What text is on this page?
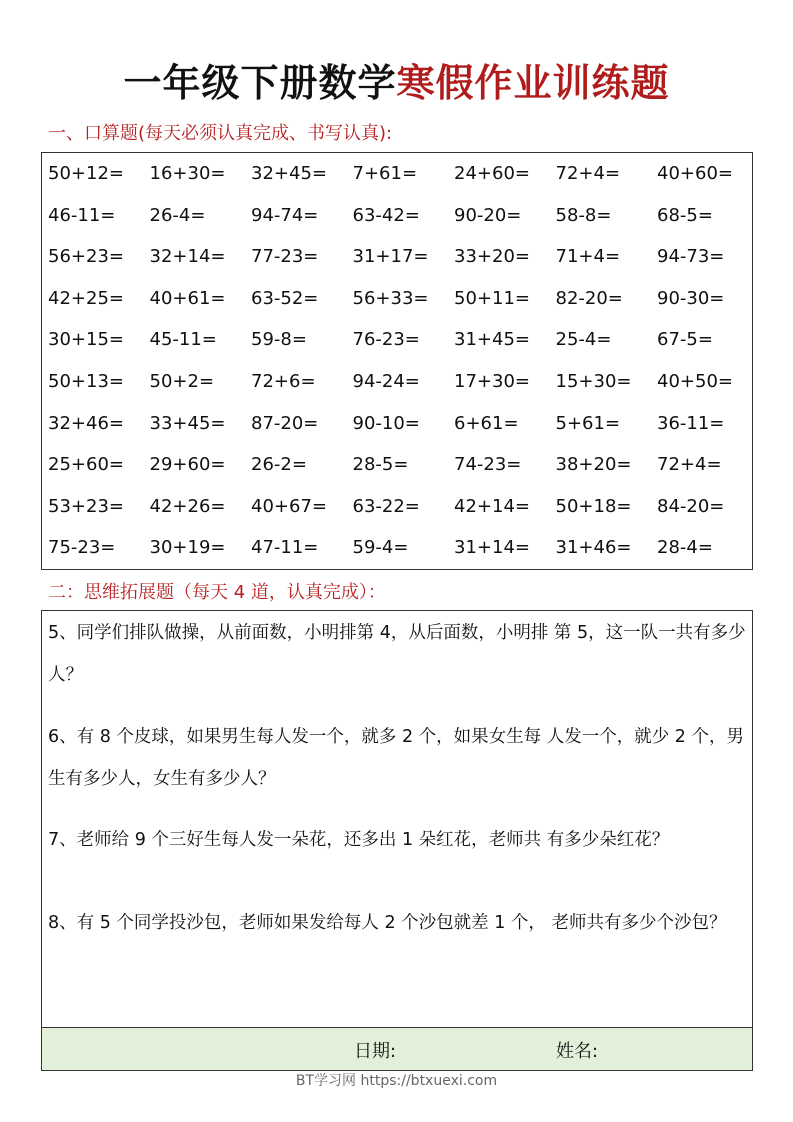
一年级下册数学寒假作业训练题
一、口算题(每天必须认真完成、书写认真):
50+12=	16+30=	32+45=	7+61=	24+60=	72+4=	40+60=
46-11=	26-4=	94-74=	63-42=	90-20=	58-8=	68-5=
56+23=	32+14=	77-23=	31+17=	33+20=	71+4=	94-73=
42+25=	40+61=	63-52=	56+33=	50+11=	82-20=	90-30=
30+15=	45-11=	59-8=	76-23=	31+45=	25-4=	67-5=
50+13=	50+2=	72+6=	94-24=	17+30=	15+30=	40+50=
32+46=	33+45=	87-20=	90-10=	6+61=	5+61=	36-11=
25+60=	29+60=	26-2=	28-5=	74-23=	38+20=	72+4=
53+23=	42+26=	40+67=	63-22=	42+14=	50+18=	84-20=
75-23=	30+19=	47-11=	59-4=	31+14=	31+46=	28-4=
二：思维拓展题（每天 4 道，认真完成）：
5、同学们排队做操，从前面数，小明排第 4，从后面数，小明排 第 5，这一队一共有多少人？
6、有 8 个皮球，如果男生每人发一个，就多 2 个，如果女生每 人发一个，就少 2 个，男生有多少人，女生有多少人？
7、老师给 9 个三好生每人发一朵花，还多出 1 朵红花，老师共 有多少朵红花？
8、有 5 个同学投沙包，老师如果发给每人 2 个沙包就差 1 个， 老师共有多少个沙包？
日期:	姓名:
BT学习网 https://btxuexi.com
